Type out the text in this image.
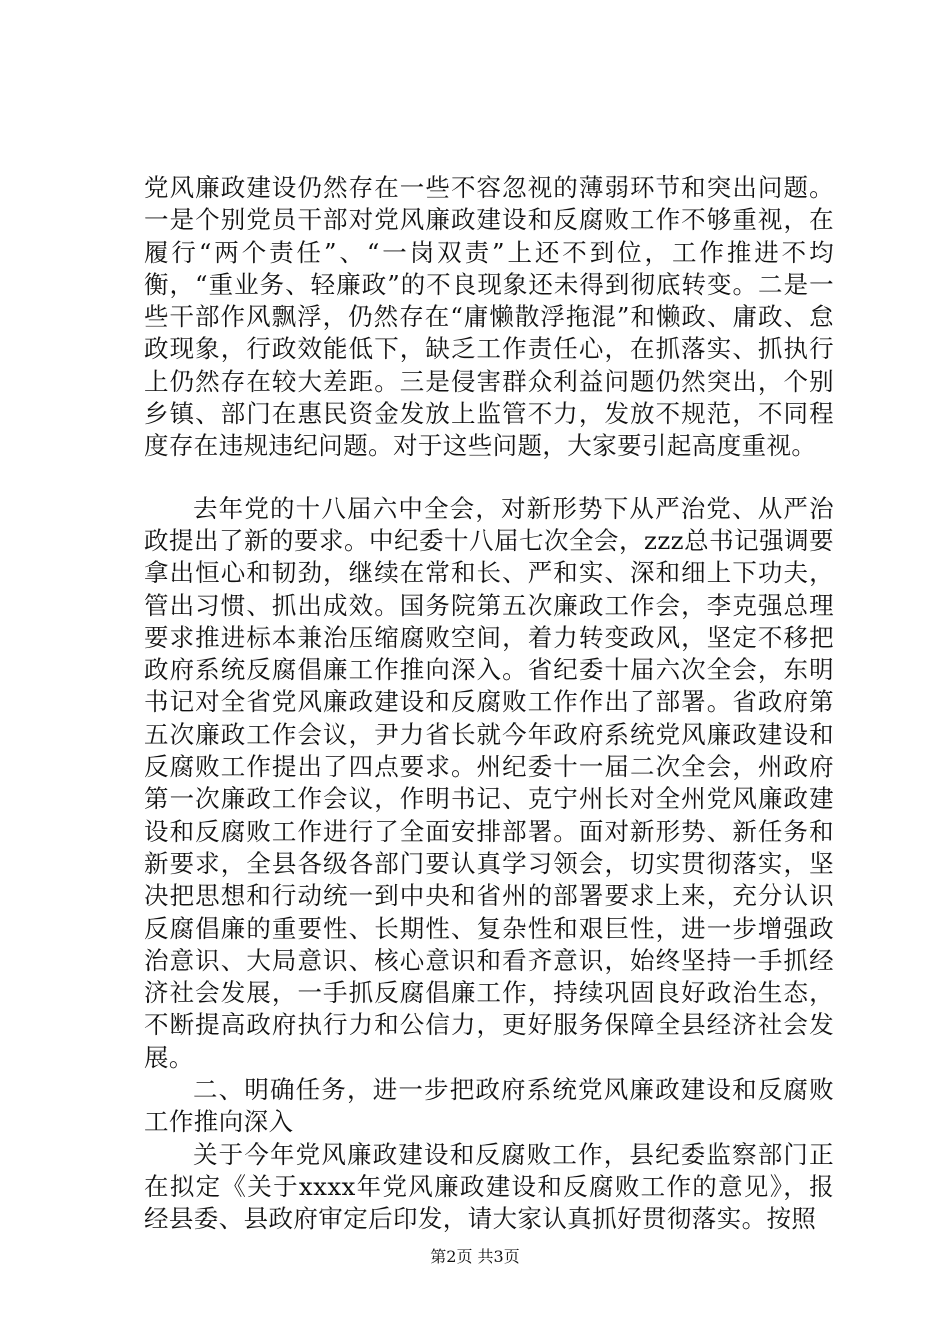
党风廉政建设仍然存在一些不容忽视的薄弱环节和突出问题。一是个别党员干部对党风廉政建设和反腐败工作不够重视，在履行“两个责任”、“一岗双责”上还不到位，工作推进不均衡，“重业务、轻廉政”的不良现象还未得到彻底转变。二是一些干部作风飘浮，仍然存在“庸懒散浮拖混”和懒政、庸政、怠政现象，行政效能低下，缺乏工作责任心，在抓落实、抓执行上仍然存在较大差距。三是侵害群众利益问题仍然突出，个别乡镇、部门在惠民资金发放上监管不力，发放不规范，不同程度存在违规违纪问题。对于这些问题，大家要引起高度重视。

去年党的十八届六中全会，对新形势下从严治党、从严治政提出了新的要求。中纪委十八届七次全会，zzz总书记强调要拿出恒心和韧劲，继续在常和长、严和实、深和细上下功夫，管出习惯、抓出成效。国务院第五次廉政工作会，李克强总理要求推进标本兼治压缩腐败空间，着力转变政风，坚定不移把政府系统反腐倡廉工作推向深入。省纪委十届六次全会，东明书记对全省党风廉政建设和反腐败工作作出了部署。省政府第五次廉政工作会议，尹力省长就今年政府系统党风廉政建设和反腐败工作提出了四点要求。州纪委十一届二次全会，州政府第一次廉政工作会议，作明书记、克宁州长对全州党风廉政建设和反腐败工作进行了全面安排部署。面对新形势、新任务和新要求，全县各级各部门要认真学习领会，切实贯彻落实，坚决把思想和行动统一到中央和省州的部署要求上来，充分认识反腐倡廉的重要性、长期性、复杂性和艰巨性，进一步增强政治意识、大局意识、核心意识和看齐意识，始终坚持一手抓经济社会发展，一手抓反腐倡廉工作，持续巩固良好政治生态，不断提高政府执行力和公信力，更好服务保障全县经济社会发展。

二、明确任务，进一步把政府系统党风廉政建设和反腐败工作推向深入

关于今年党风廉政建设和反腐败工作，县纪委监察部门正在拟定《关于xxxx年党风廉政建设和反腐败工作的意见》，报经县委、县政府审定后印发，请大家认真抓好贯彻落实。按照

第2页 共3页
